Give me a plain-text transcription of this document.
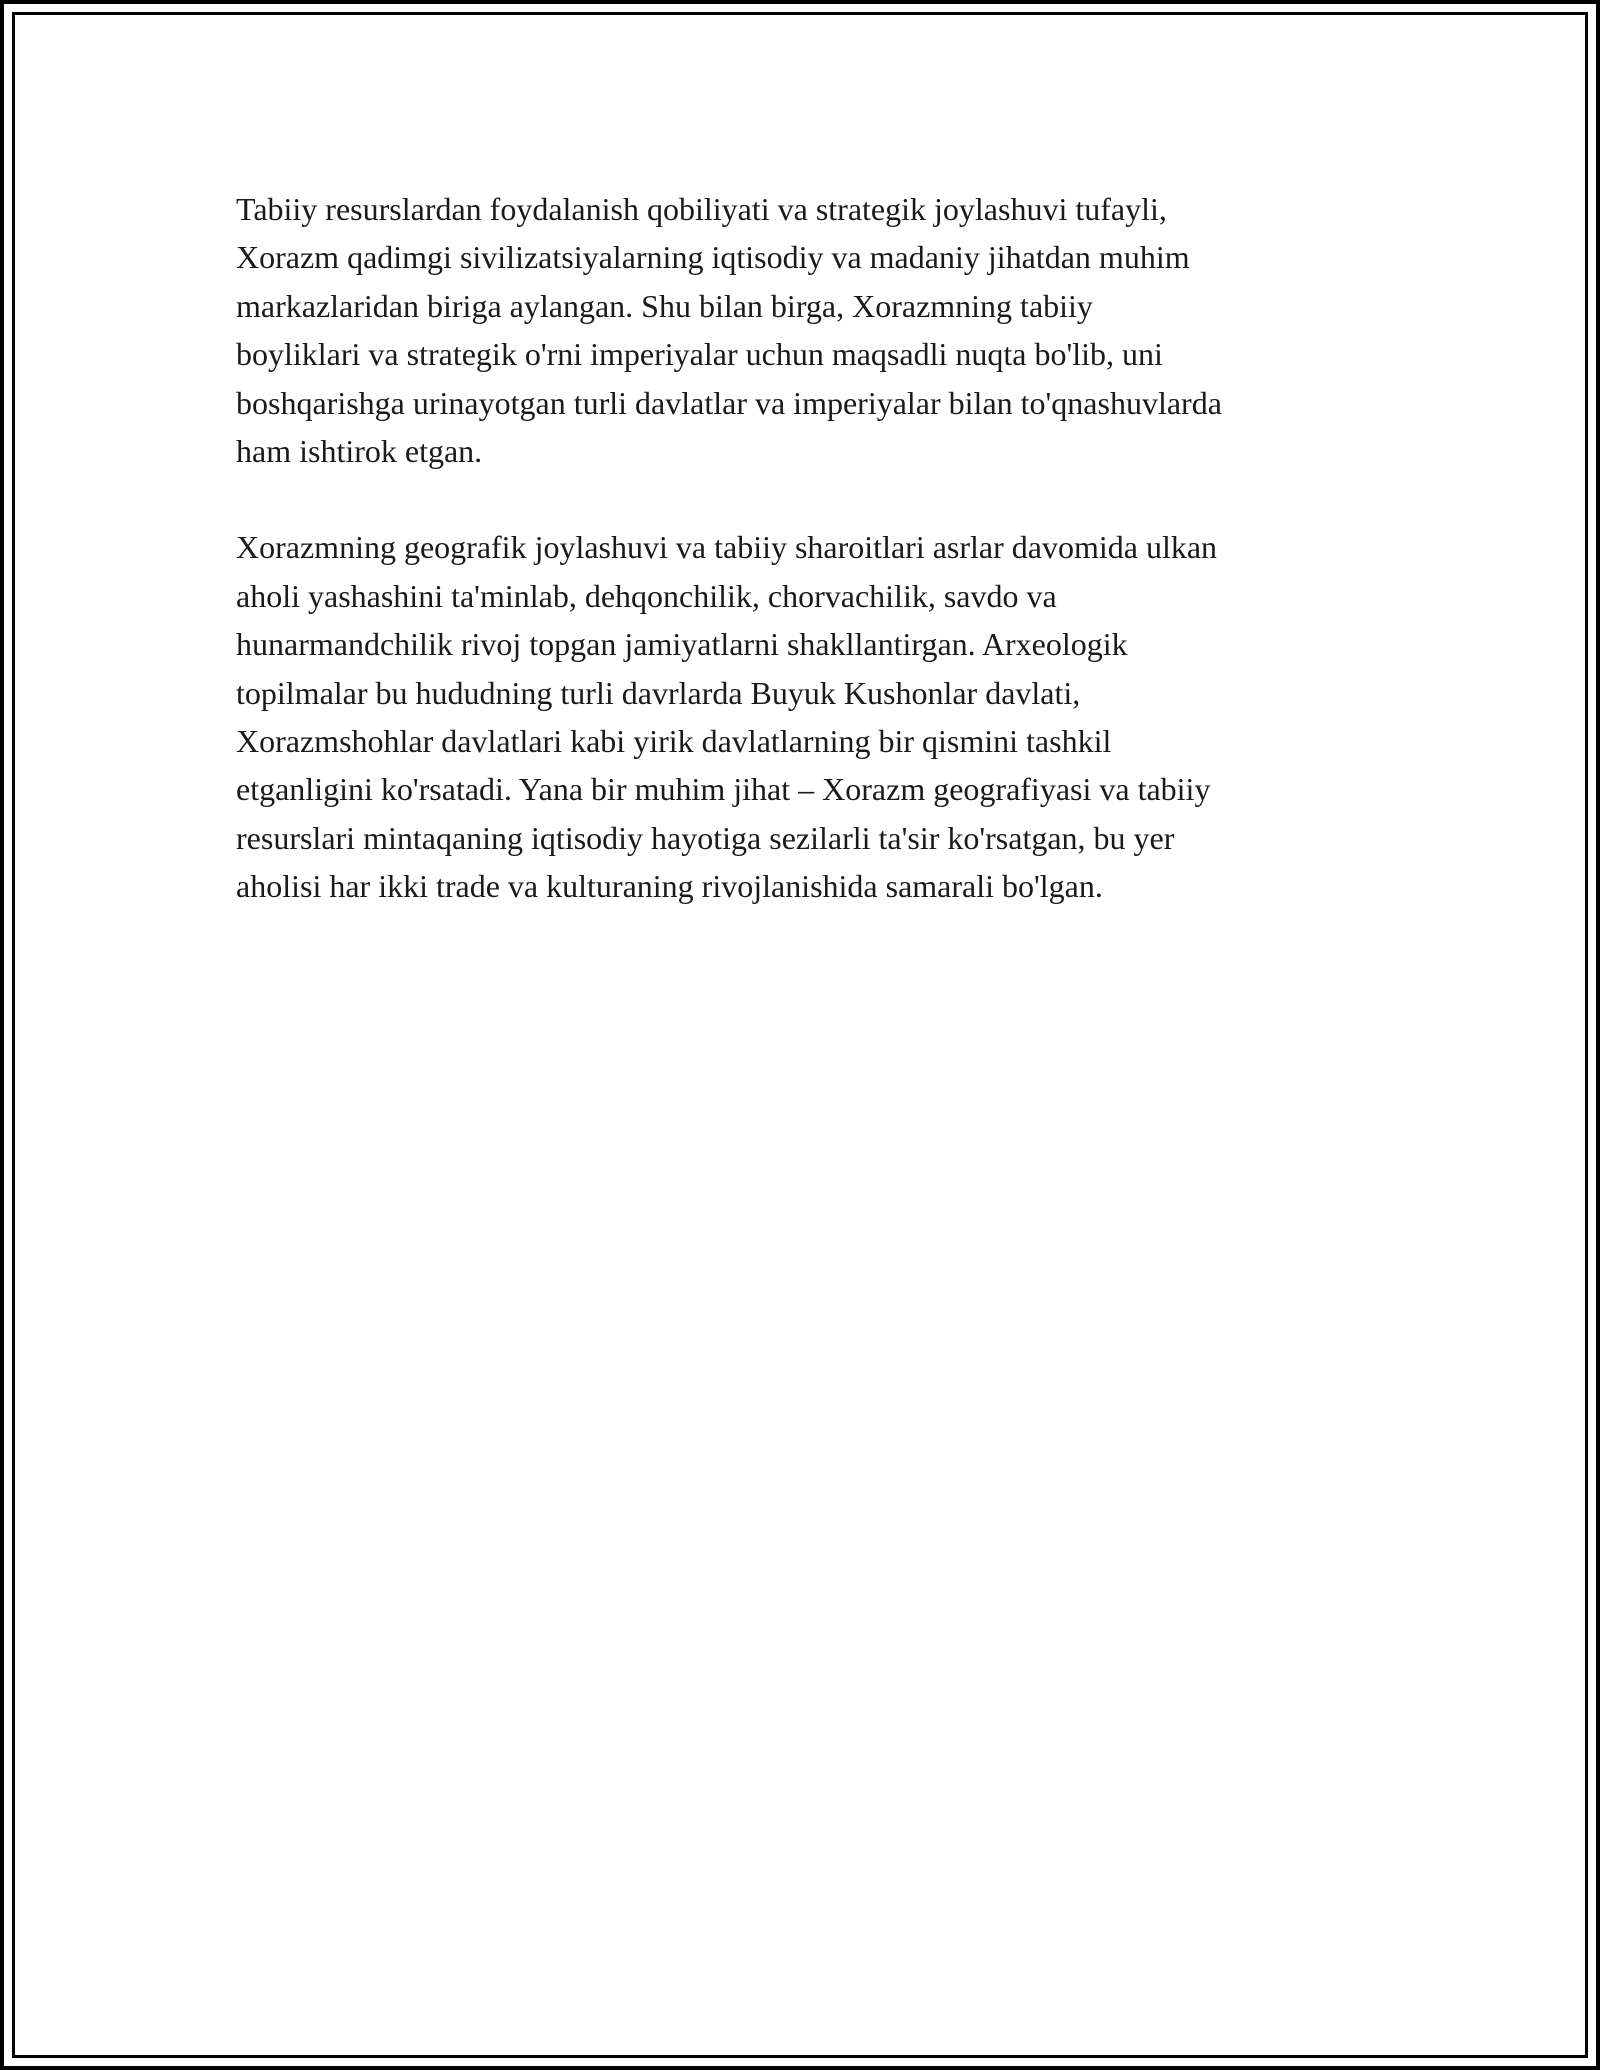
Tabiiy resurslardan foydalanish qobiliyati va strategik joylashuvi tufayli,
Xorazm qadimgi sivilizatsiyalarning iqtisodiy va madaniy jihatdan muhim
markazlaridan biriga aylangan. Shu bilan birga, Xorazmning tabiiy
boyliklari va strategik o'rni imperiyalar uchun maqsadli nuqta bo'lib, uni
boshqarishga urinayotgan turli davlatlar va imperiyalar bilan to'qnashuvlarda
ham ishtirok etgan.

Xorazmning geografik joylashuvi va tabiiy sharoitlari asrlar davomida ulkan
aholi yashashini ta'minlab, dehqonchilik, chorvachilik, savdo va
hunarmandchilik rivoj topgan jamiyatlarni shakllantirgan. Arxeologik
topilmalar bu hududning turli davrlarda Buyuk Kushonlar davlati,
Xorazmshohlar davlatlari kabi yirik davlatlarning bir qismini tashkil
etganligini ko'rsatadi. Yana bir muhim jihat – Xorazm geografiyasi va tabiiy
resurslari mintaqaning iqtisodiy hayotiga sezilarli ta'sir ko'rsatgan, bu yer
aholisi har ikki trade va kulturaning rivojlanishida samarali bo'lgan.
